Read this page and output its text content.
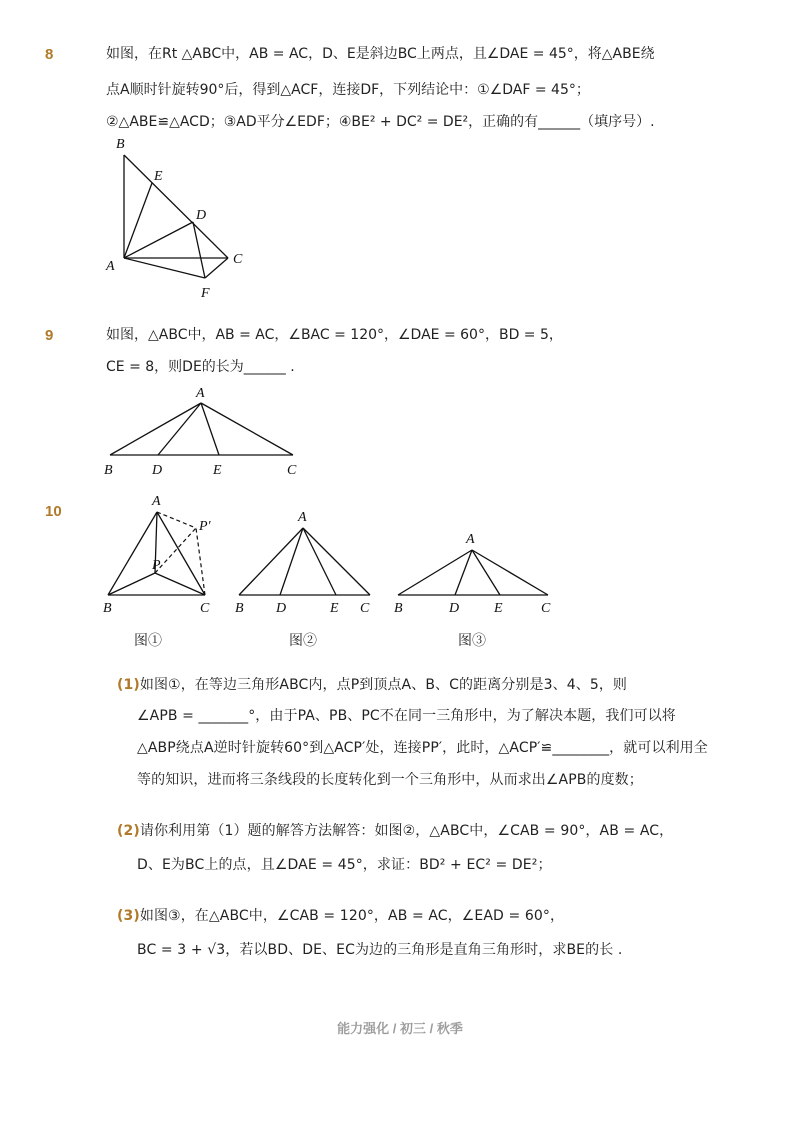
8	如图，在Rt △ABC中，AB = AC，D、E是斜边BC上两点，且∠DAE = 45°，将△ABE绕
点A顺时针旋转90°后，得到△ACF，连接DF，下列结论中：①∠DAF = 45°；
②△ABE≌△ACD；③AD平分∠EDF；④BE² + DC² = DE²，正确的有______（填序号）.
B
E
D
A	C
F
9	如图，△ABC中，AB = AC，∠BAC = 120°，∠DAE = 60°，BD = 5，
CE = 8，则DE的长为______ .
A
B	D	E	C
10
A
P
P′
B	C
图①
A
B D	E C
图②
A
B	D E	C
图③
(1)如图①，在等边三角形ABC内，点P到顶点A、B、C的距离分别是3、4、5，则
∠APB = _______°，由于PA、PB、PC不在同一三角形中，为了解决本题，我们可以将
△ABP绕点A逆时针旋转60°到△ACP′处，连接PP′，此时，△ACP′≌________，就可以利用全
等的知识，进而将三条线段的长度转化到一个三角形中，从而求出∠APB的度数；
(2)请你利用第（1）题的解答方法解答：如图②，△ABC中，∠CAB = 90°，AB = AC，
D、E为BC上的点，且∠DAE = 45°，求证：BD² + EC² = DE²；
(3)如图③，在△ABC中，∠CAB = 120°，AB = AC，∠EAD = 60°，
BC = 3 + √3，若以BD、DE、EC为边的三角形是直角三角形时，求BE的长 .
能力强化 / 初三 / 秋季
